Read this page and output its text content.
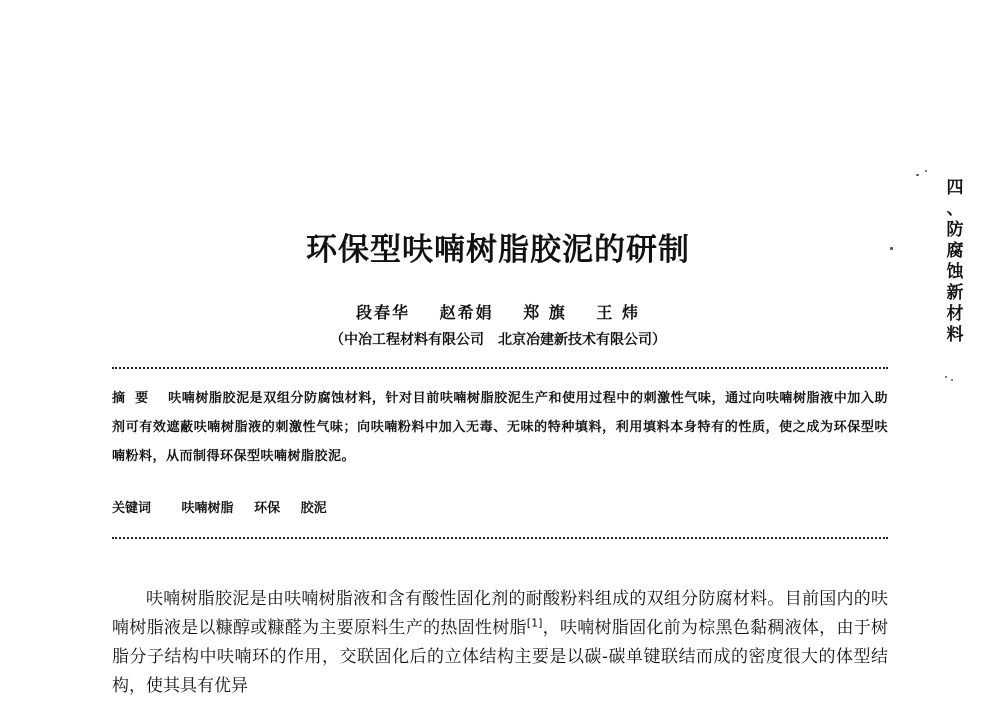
四
、
防
腐
蚀
新
材
料
环保型呋喃树脂胶泥的研制
段春华 赵希娟 郑 旗 王 炜
（中冶工程材料有限公司　北京冶建新技术有限公司）
摘要 呋喃树脂胶泥是双组分防腐蚀材料，针对目前呋喃树脂胶泥生产和使用过程中的刺激性气味，通过向呋喃树脂液中加入助剂可有效遮蔽呋喃树脂液的刺激性气味；向呋喃粉料中加入无毒、无味的特种填料，利用填料本身特有的性质，使之成为环保型呋喃粉料，从而制得环保型呋喃树脂胶泥。
关键词 呋喃树脂 环保 胶泥

呋喃树脂胶泥是由呋喃树脂液和含有酸性固化剂的耐酸粉料组成的双组分防腐材料。目前国内的呋喃树脂液是以糠醇或糠醛为主要原料生产的热固性树脂[1]，呋喃树脂固化前为棕黑色黏稠液体，由于树脂分子结构中呋喃环的作用，交联固化后的立体结构主要是以碳-碳单键联结而成的密度很大的体型结构，使其具有优异
